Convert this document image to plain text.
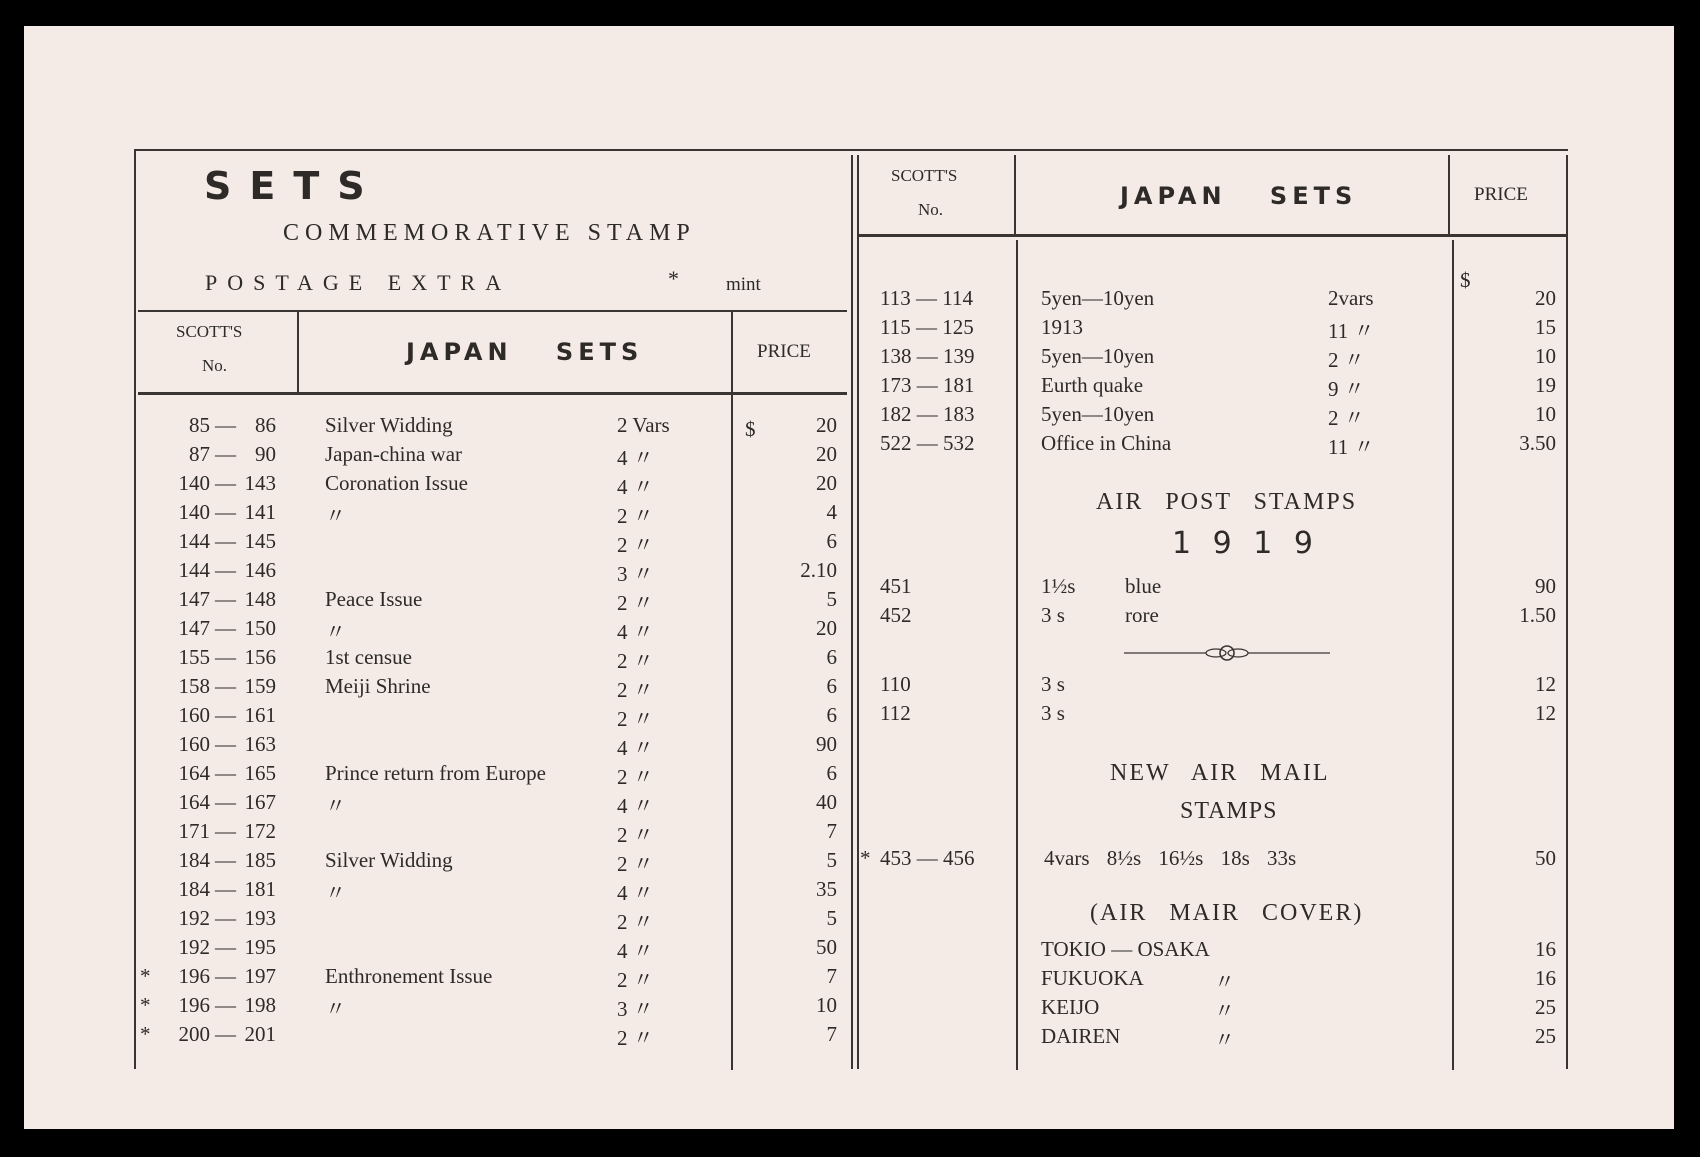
SETS
COMMEMORATIVE STAMP
POSTAGE EXTRA	* mint
SCOTT'S
No.	JAPAN SETS	PRICE
$
85 — 86 Silver Widding	2 Vars	20
87 — 90 Japan-china war	4 〃	20
140 — 143 Coronation Issue	4 〃	20
140 — 141 〃	2 〃	4
144 — 145	2 〃	6
144 — 146	3 〃	2.10
147 — 148 Peace Issue	2 〃	5
147 — 150 〃	4 〃	20
155 — 156 1st censue	2 〃	6
158 — 159 Meiji Shrine	2 〃	6
160 — 161	2 〃	6
160 — 163	4 〃	90
164 — 165 Prince return from Europe	2 〃	6
164 — 167 〃	4 〃	40
171 — 172	2 〃	7
184 — 185 Silver Widding	2 〃	5
184 — 181 〃	4 〃	35
192 — 193	2 〃	5
192 — 195	4 〃	50
* 196 — 197 Enthronement Issue	2 〃	7
* 196 — 198 〃	3 〃	10
* 200 — 201	2 〃	7
SCOTT'S
No.	JAPAN SETS	PRICE
$
113 — 114	5yen—10yen	2vars	20
115 — 125	1913	11 〃	15
138 — 139	5yen—10yen	2 〃	10
173 — 181	Eurth quake	9 〃	19
182 — 183	5yen—10yen	2 〃	10
522 — 532	Office in China	11 〃	3.50
AIR POST STAMPS
1 9 1 9
451	1½s blue	90
452	3 s	rore	1.50
110	3 s	12
112	3 s	12
NEW AIR MAIL
STAMPS
* 453 — 456	4vars 8½s 16½s 18s 33s	50
(AIR MAIR COVER)
TOKIO — OSAKA	16
FUKUOKA	〃	16
KEIJO	〃	25
DAIREN	〃	25
